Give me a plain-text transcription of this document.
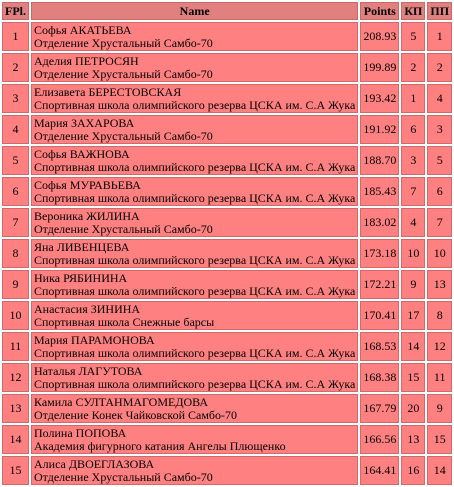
FPl.	Name	Points	КП	ПП
1	Софья АКАТЬЕВА
Отделение Хрустальный Самбо-70	208.93	5	1
2	Аделия ПЕТРОСЯН
Отделение Хрустальный Самбо-70	199.89	2	2
3	Елизавета БЕРЕСТОВСКАЯ
Спортивная школа олимпийского резерва ЦСКА им. С.А Жука	193.42	1	4
4	Мария ЗАХАРОВА
Отделение Хрустальный Самбо-70	191.92	6	3
5	Софья ВАЖНОВА
Спортивная школа олимпийского резерва ЦСКА им. С.А Жука	188.70	3	5
6	Софья МУРАВЬЕВА
Спортивная школа олимпийского резерва ЦСКА им. С.А Жука	185.43	7	6
7	Вероника ЖИЛИНА
Отделение Хрустальный Самбо-70	183.02	4	7
8	Яна ЛИВЕНЦЕВА
Спортивная школа олимпийского резерва ЦСКА им. С.А Жука	173.18	10	10
9	Ника РЯБИНИНА
Спортивная школа олимпийского резерва ЦСКА им. С.А Жука	172.21	9	13
10	Анастасия ЗИНИНА
Спортивная школа Снежные барсы	170.41	17	8
11	Мария ПАРАМОНОВА
Спортивная школа олимпийского резерва ЦСКА им. С.А Жука	168.53	14	12
12	Наталья ЛАГУТОВА
Спортивная школа олимпийского резерва ЦСКА им. С.А Жука	168.38	15	11
13	Камила СУЛТАНМАГОМЕДОВА
Отделение Конек Чайковской Самбо-70	167.79	20	9
14	Полина ПОПОВА
Академия фигурного катания Ангелы Плющенко	166.56	13	15
15	Алиса ДВОЕГЛАЗОВА
Отделение Хрустальный Самбо-70	164.41	16	14
